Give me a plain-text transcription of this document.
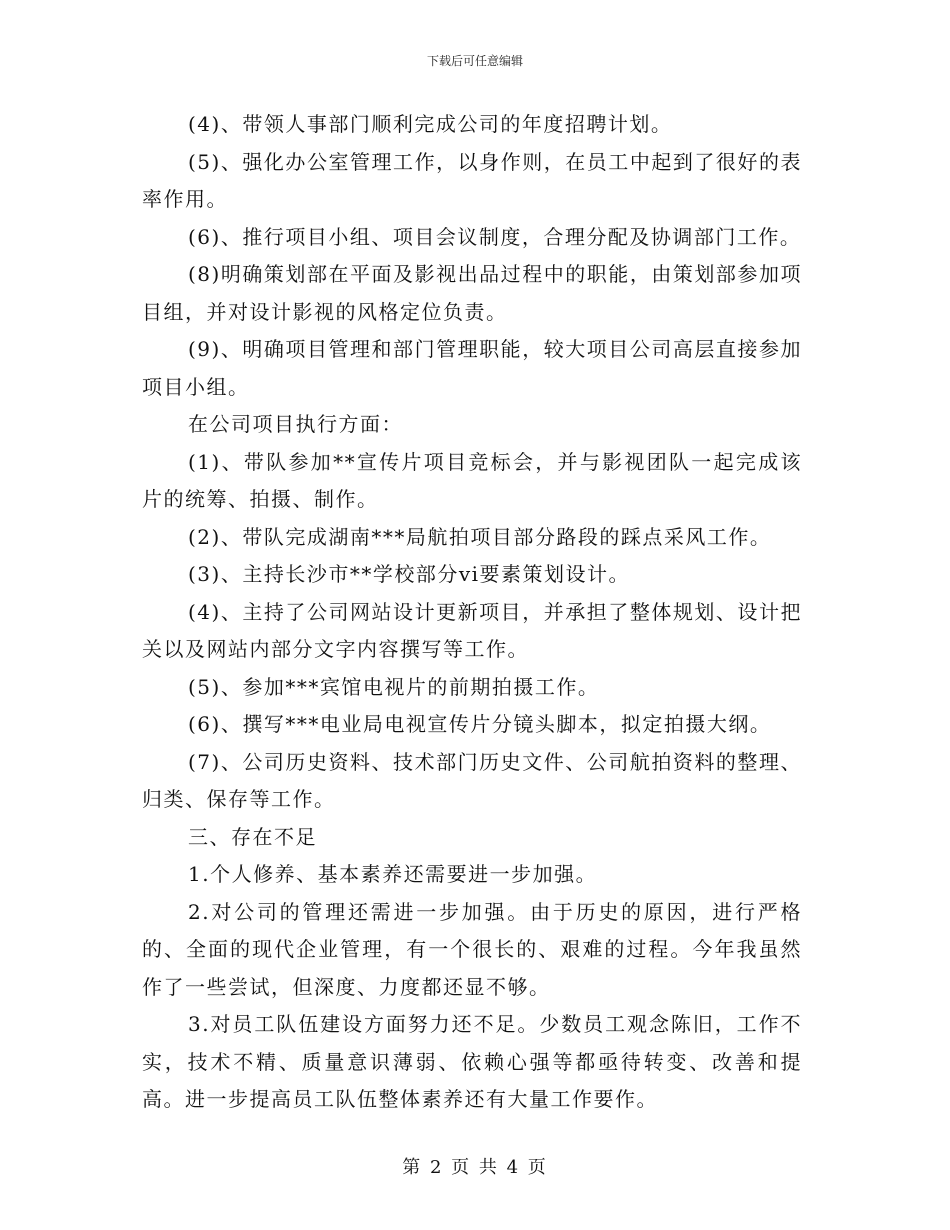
下载后可任意编辑

(4)、带领人事部门顺利完成公司的年度招聘计划。

(5)、强化办公室管理工作，以身作则，在员工中起到了很好的表率作用。

(6)、推行项目小组、项目会议制度，合理分配及协调部门工作。

(8)明确策划部在平面及影视出品过程中的职能，由策划部参加项目组，并对设计影视的风格定位负责。

(9)、明确项目管理和部门管理职能，较大项目公司高层直接参加项目小组。

在公司项目执行方面：

(1)、带队参加**宣传片项目竞标会，并与影视团队一起完成该片的统筹、拍摄、制作。

(2)、带队完成湖南***局航拍项目部分路段的踩点采风工作。

(3)、主持长沙市**学校部分vi要素策划设计。

(4)、主持了公司网站设计更新项目，并承担了整体规划、设计把关以及网站内部分文字内容撰写等工作。

(5)、参加***宾馆电视片的前期拍摄工作。

(6)、撰写***电业局电视宣传片分镜头脚本，拟定拍摄大纲。

(7)、公司历史资料、技术部门历史文件、公司航拍资料的整理、归类、保存等工作。

三、存在不足

1.个人修养、基本素养还需要进一步加强。

2.对公司的管理还需进一步加强。由于历史的原因，进行严格的、全面的现代企业管理，有一个很长的、艰难的过程。今年我虽然作了一些尝试，但深度、力度都还显不够。

3.对员工队伍建设方面努力还不足。少数员工观念陈旧，工作不实，技术不精、质量意识薄弱、依赖心强等都亟待转变、改善和提高。进一步提高员工队伍整体素养还有大量工作要作。

第 2 页 共 4 页
